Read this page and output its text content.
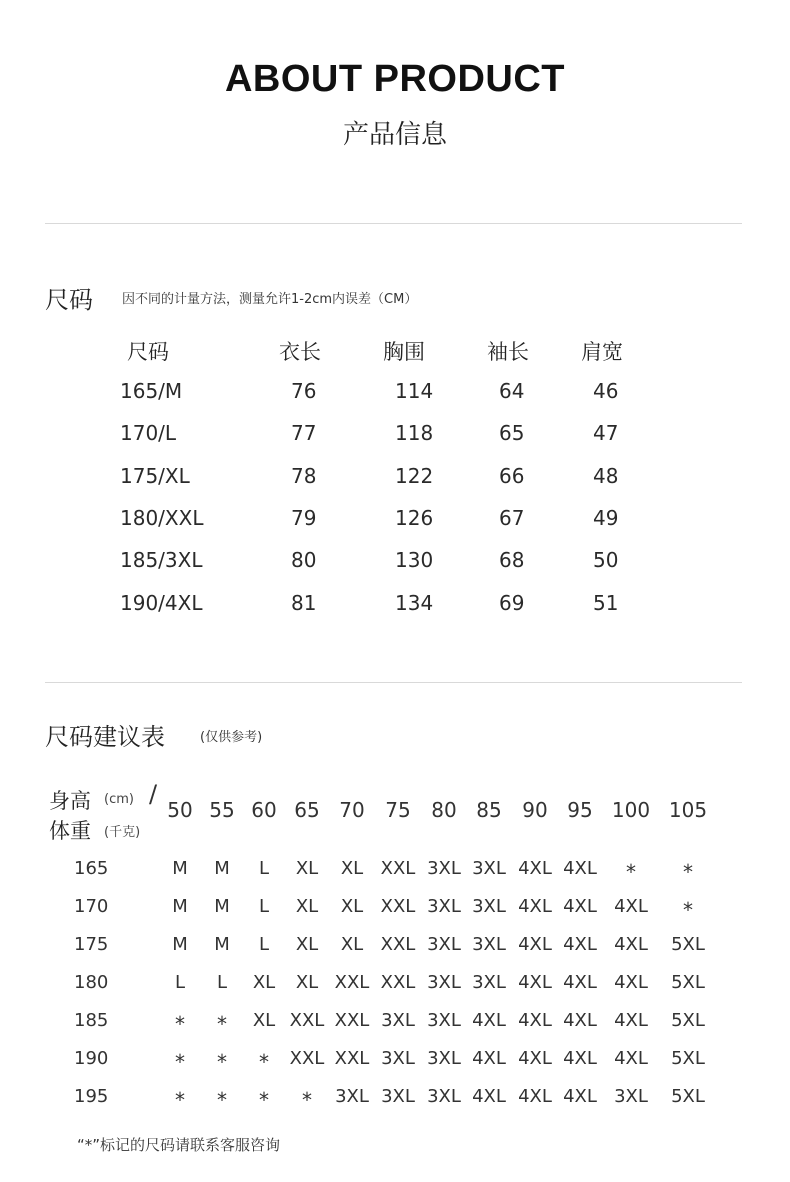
ABOUT PRODUCT
产品信息
尺码 因不同的计量方法，测量允许1-2cm内误差（CM）
尺码	衣长	胸围	袖长 肩宽
165/M	76	114	64	46
170/L	77	118	65	47
175/XL	78	122	66	48
180/XXL	79	126	67	49
185/3XL	80	130	68	50
190/4XL	81	134	69	51
尺码建议表	(仅供参考)
身高 (cm) /
体重 (千克)
50 55 60 65 70 75 80 85 90 95 100 105
165	M M L XL XL XXL 3XL 3XL 4XL 4XL * *
170	M M L XL XL XXL 3XL 3XL 4XL 4XL 4XL *
175	M M L XL XL XXL 3XL 3XL 4XL 4XL 4XL 5XL
180	L L XL XL XXL XXL 3XL 3XL 4XL 4XL 4XL 5XL
185	* * XL XXL XXL 3XL 3XL 4XL 4XL 4XL 4XL 5XL
190	* * * XXL XXL 3XL 3XL 4XL 4XL 4XL 4XL 5XL
195	* * * * 3XL 3XL 3XL 4XL 4XL 4XL 3XL 5XL
“*”标记的尺码请联系客服咨询
